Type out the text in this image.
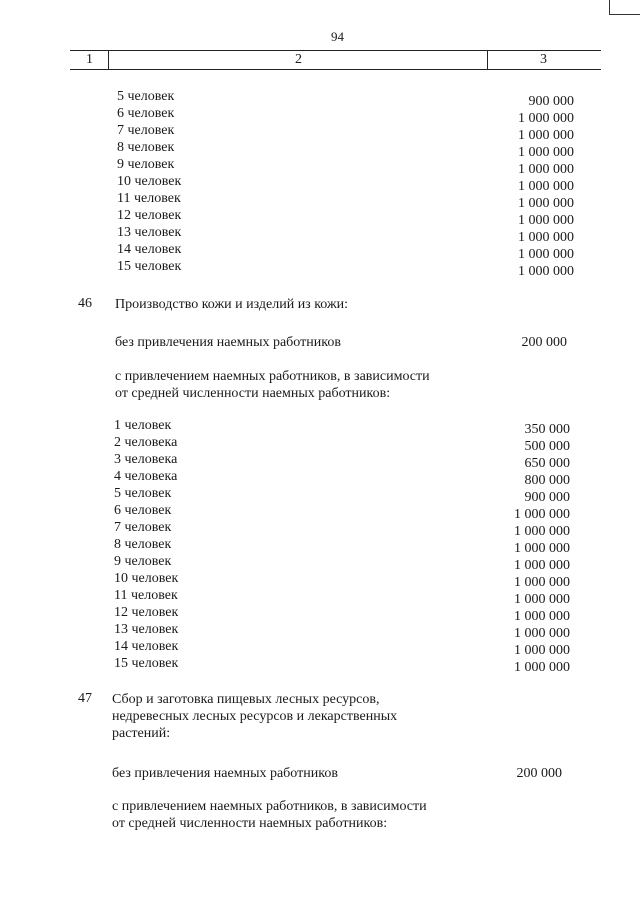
94
1	2	3
5 человек	900 000
6 человек	1 000 000
7 человек	1 000 000
8 человек	1 000 000
9 человек	1 000 000
10 человек	1 000 000
11 человек	1 000 000
12 человек	1 000 000
13 человек	1 000 000
14 человек	1 000 000
15 человек	1 000 000
46 Производство кожи и изделий из кожи:
без привлечения наемных работников	200 000
с привлечением наемных работников, в зависимости
от средней численности наемных работников:
1 человек	350 000
2 человека	500 000
3 человека	650 000
4 человека	800 000
5 человек	900 000
6 человек	1 000 000
7 человек	1 000 000
8 человек	1 000 000
9 человек	1 000 000
10 человек	1 000 000
11 человек	1 000 000
12 человек	1 000 000
13 человек	1 000 000
14 человек	1 000 000
15 человек	1 000 000
47 Сбор и заготовка пищевых лесных ресурсов,
недревесных лесных ресурсов и лекарственных
растений:
без привлечения наемных работников	200 000
с привлечением наемных работников, в зависимости
от средней численности наемных работников:
